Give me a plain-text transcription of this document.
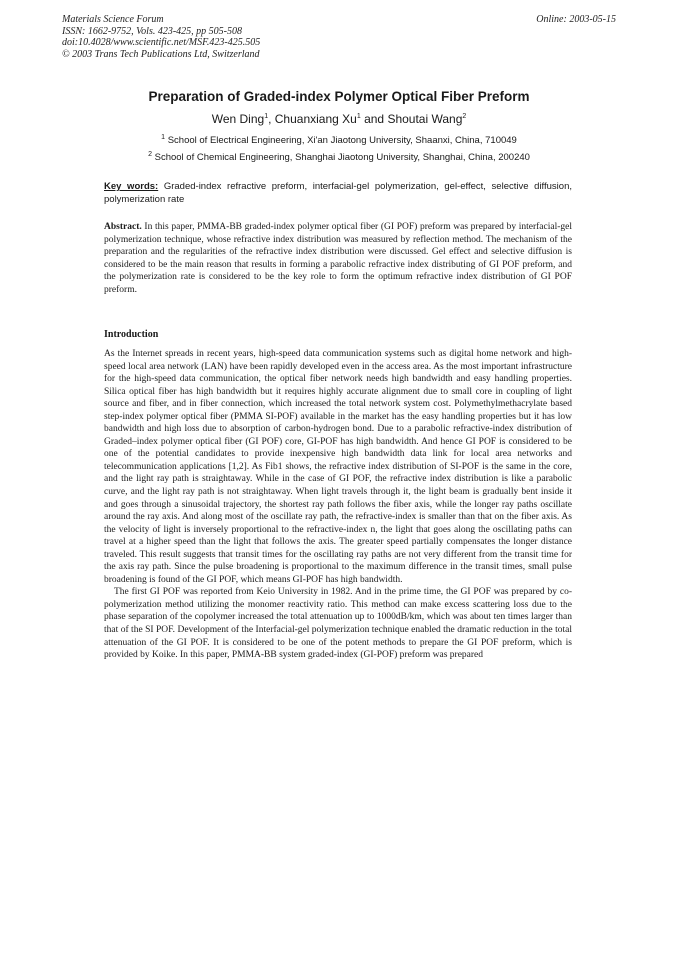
Materials Science Forum
ISSN: 1662-9752, Vols. 423-425, pp 505-508
doi:10.4028/www.scientific.net/MSF.423-425.505
© 2003 Trans Tech Publications Ltd, Switzerland
Online: 2003-05-15
Preparation of Graded-index Polymer Optical Fiber Preform
Wen Ding$^1$, Chuanxiang Xu$^1$ and Shoutai Wang$^2$
$^1$ School of Electrical Engineering, Xi'an Jiaotong University, Shaanxi, China, 710049
$^2$ School of Chemical Engineering, Shanghai Jiaotong University, Shanghai, China, 200240
Key words: Graded-index refractive preform, interfacial-gel polymerization, gel-effect, selective diffusion, polymerization rate
Abstract. In this paper, PMMA-BB graded-index polymer optical fiber (GI POF) preform was prepared by interfacial-gel polymerization technique, whose refractive index distribution was measured by reflection method. The mechanism of the preparation and the regularities of the refractive index distribution were discussed. Gel effect and selective diffusion is considered to be the main reason that results in forming a parabolic refractive index distributing of GI POF preform, and the polymerization rate is considered to be the key role to form the optimum refractive index distribution of GI POF preform.
Introduction

As the Internet spreads in recent years, high-speed data communication systems such as digital home network and high-speed local area network (LAN) have been rapidly developed even in the access area. As the most important infrastructure for the high-speed data communication, the optical fiber network needs high bandwidth and easy handling properties. Silica optical fiber has high bandwidth but it requires highly accurate alignment due to small core in coupling of light source and fiber, and in fiber connection, which increased the total network system cost. Polymethylmethacrylate based step-index polymer optical fiber (PMMA SI-POF) available in the market has the easy handling properties but it has low bandwidth and high loss due to absorption of carbon-hydrogen bond. Due to a parabolic refractive-index distribution of Graded–index polymer optical fiber (GI POF) core, GI-POF has high bandwidth. And hence GI POF is considered to be one of the potential candidates to provide inexpensive high bandwidth data link for local area networks and telecommunication applications [1,2]. As Fib1 shows, the refractive index distribution of SI-POF is the same in the core, and the light ray path is straightaway. While in the case of GI POF, the refractive index distribution is like a parabolic curve, and the light ray path is not straightaway. When light travels through it, the light beam is gradually bent inside it and goes through a sinusoidal trajectory, the shortest ray path follows the fiber axis, while the longer ray paths oscillate around the ray axis. And along most of the oscillate ray path, the refractive-index is smaller than that on the fiber axis. As the velocity of light is inversely proportional to the refractive-index n, the light that goes along the oscillating paths can travel at a higher speed than the light that follows the axis. The greater speed partially compensates the longer distance traveled. This result suggests that transit times for the oscillating ray paths are not very different from the transit time for the axis ray path. Since the pulse broadening is proportional to the maximum difference in the transit times, small pulse broadening is found of the GI POF, which means GI-POF has high bandwidth.

The first GI POF was reported from Keio University in 1982. And in the prime time, the GI POF was prepared by co-polymerization method utilizing the monomer reactivity ratio. This method can make excess scattering loss due to the phase separation of the copolymer increased the total attenuation up to 1000dB/km, which was about ten times larger than that of the SI POF. Development of the Interfacial-gel polymerization technique enabled the dramatic reduction in the total attenuation of the GI POF. It is considered to be one of the potent methods to prepare the GI POF preform, which is provided by Koike. In this paper, PMMA-BB system graded-index (GI-POF) preform was prepared
